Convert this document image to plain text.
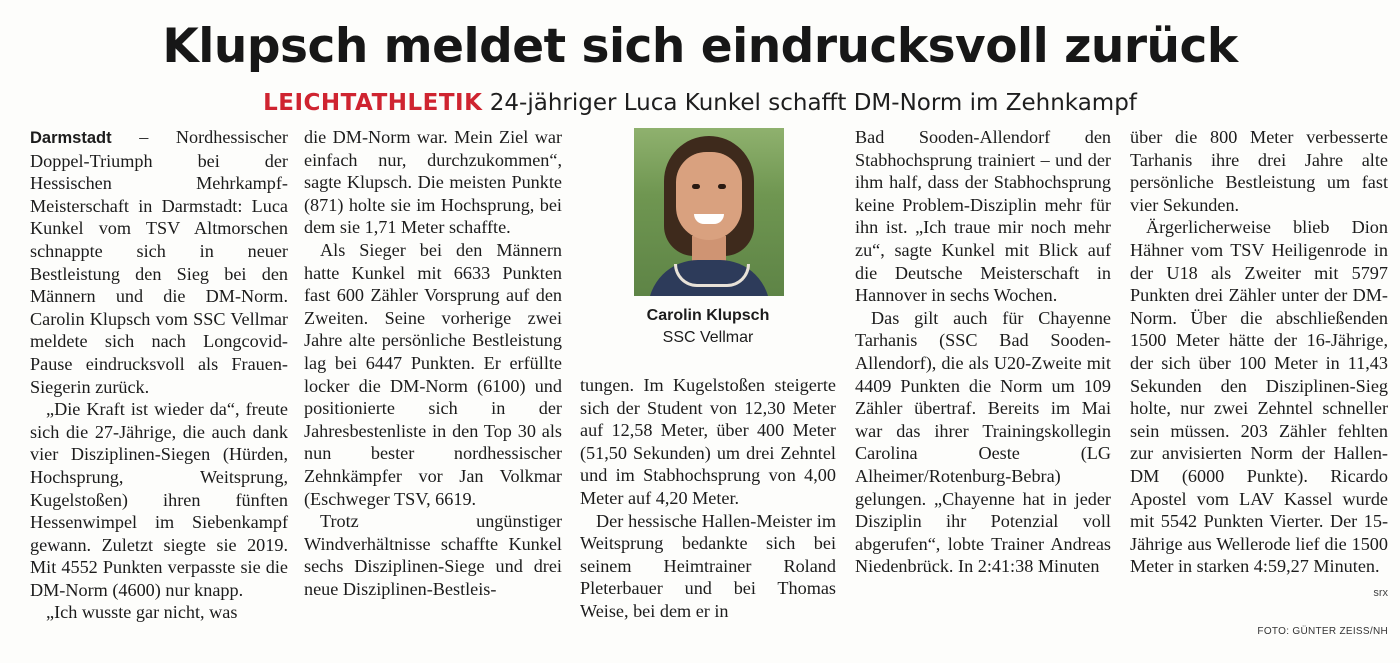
Klupsch meldet sich eindrucksvoll zurück
LEICHTATHLETIK 24-jähriger Luca Kunkel schafft DM-Norm im Zehnkampf

Darmstadt – Nordhessischer Doppel-Triumph bei der Hessischen Mehrkampf-Meisterschaft in Darmstadt: Luca Kunkel vom TSV Altmorschen schnappte sich in neuer Bestleistung den Sieg bei den Männern und die DM-Norm. Carolin Klupsch vom SSC Vellmar meldete sich nach Longcovid-Pause eindrucksvoll als Frauen-Siegerin zurück.

„Die Kraft ist wieder da“, freute sich die 27-Jährige, die auch dank vier Disziplinen-Siegen (Hürden, Hochsprung, Weitsprung, Kugelstoßen) ihren fünften Hessenwimpel im Siebenkampf gewann. Zuletzt siegte sie 2019. Mit 4552 Punkten verpasste sie die DM-Norm (4600) nur knapp.

„Ich wusste gar nicht, was

die DM-Norm war. Mein Ziel war einfach nur, durchzukommen“, sagte Klupsch. Die meisten Punkte (871) holte sie im Hochsprung, bei dem sie 1,71 Meter schaffte.

Als Sieger bei den Männern hatte Kunkel mit 6633 Punkten fast 600 Zähler Vorsprung auf den Zweiten. Seine vorherige zwei Jahre alte persönliche Bestleistung lag bei 6447 Punkten. Er erfüllte locker die DM-Norm (6100) und positionierte sich in der Jahresbestenliste in den Top 30 als nun bester nordhessischer Zehnkämpfer vor Jan Volkmar (Eschweger TSV, 6619.

Trotz ungünstiger Windverhältnisse schaffte Kunkel sechs Disziplinen-Siege und drei neue Disziplinen-Bestleis-

Carolin Klupsch
SSC Vellmar

tungen. Im Kugelstoßen steigerte sich der Student von 12,30 Meter auf 12,58 Meter, über 400 Meter (51,50 Sekunden) um drei Zehntel und im Stabhochsprung von 4,00 Meter auf 4,20 Meter.

Der hessische Hallen-Meister im Weitsprung bedankte sich bei seinem Heimtrainer Roland Pleterbauer und bei Thomas Weise, bei dem er in

Bad Sooden-Allendorf den Stabhochsprung trainiert – und der ihm half, dass der Stabhochsprung keine Problem-Disziplin mehr für ihn ist. „Ich traue mir noch mehr zu“, sagte Kunkel mit Blick auf die Deutsche Meisterschaft in Hannover in sechs Wochen.

Das gilt auch für Chayenne Tarhanis (SSC Bad Sooden-Allendorf), die als U20-Zweite mit 4409 Punkten die Norm um 109 Zähler übertraf. Bereits im Mai war das ihrer Trainingskollegin Carolina Oeste (LG Alheimer/Rotenburg-Bebra) gelungen. „Chayenne hat in jeder Disziplin ihr Potenzial voll abgerufen“, lobte Trainer Andreas Niedenbrück. In 2:41:38 Minuten

über die 800 Meter verbesserte Tarhanis ihre drei Jahre alte persönliche Bestleistung um fast vier Sekunden.

Ärgerlicherweise blieb Dion Hähner vom TSV Heiligenrode in der U18 als Zweiter mit 5797 Punkten drei Zähler unter der DM-Norm. Über die abschließenden 1500 Meter hätte der 16-Jährige, der sich über 100 Meter in 11,43 Sekunden den Disziplinen-Sieg holte, nur zwei Zehntel schneller sein müssen. 203 Zähler fehlten zur anvisierten Norm der Hallen-DM (6000 Punkte). Ricardo Apostel vom LAV Kassel wurde mit 5542 Punkten Vierter. Der 15-Jährige aus Wellerode lief die 1500 Meter in starken 4:59,27 Minuten.
srx

FOTO: GÜNTER ZEISS/NH
